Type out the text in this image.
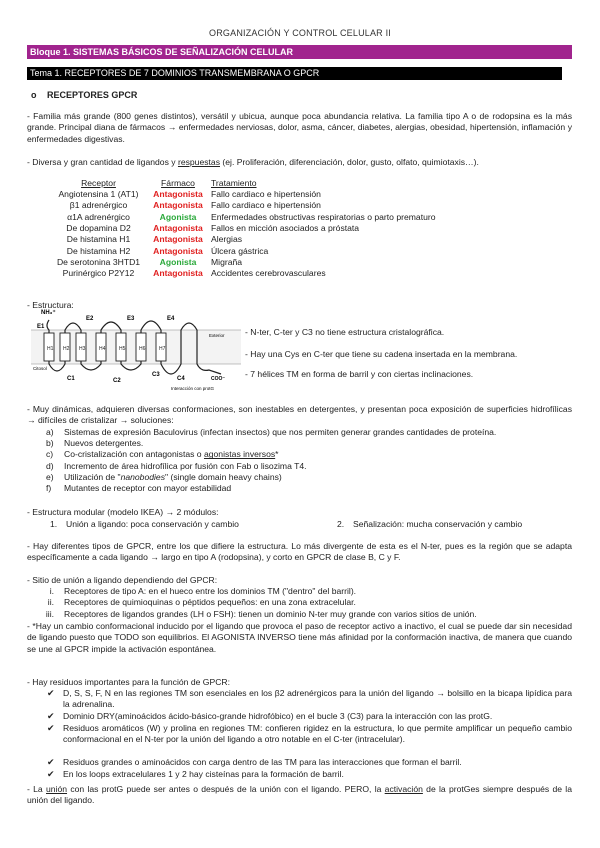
ORGANIZACIÓN Y CONTROL CELULAR II
Bloque 1. SISTEMAS BÁSICOS DE SEÑALIZACIÓN CELULAR
Tema 1. RECEPTORES DE 7 DOMINIOS TRANSMEMBRANA O GPCR
o RECEPTORES GPCR
- Familia más grande (800 genes distintos), versátil y ubicua, aunque poca abundancia relativa. La familia tipo A o de rodopsina es la más grande. Principal diana de fármacos → enfermedades nerviosas, dolor, asma, cáncer, diabetes, alergias, obesidad, hipertensión, inflamación y enfermedades digestivas.
- Diversa y gran cantidad de ligandos y respuestas (ej. Proliferación, diferenciación, dolor, gusto, olfato, quimiotaxis…).
Receptor	Fármaco	Tratamiento
Angiotensina 1 (AT1)	Antagonista Fallo cardiaco e hipertensión
β1 adrenérgico	Antagonista Fallo cardiaco e hipertensión
α1A adrenérgico	Agonista	Enfermedades obstructivas respiratorias o parto prematuro
De dopamina D2	Antagonista Fallos en micción asociados a próstata
De histamina H1	Antagonista Alergias
De histamina H2	Antagonista Úlcera gástrica
De serotonina 3HTD1	Agonista	Migraña
Purinérgico P2Y12	Antagonista Accidentes cerebrovasculares
- Estructura:
H1 H2 H3	H4	H5	H6	H7
NH₃⁺
E1
E2	E3	E4
C1	C2
C3
C4
Exterior
Citosol
COO⁻
Interacción con protG
- N-ter, C-ter y C3 no tiene estructura cristalográfica.
- Hay una Cys en C-ter que tiene su cadena insertada en la membrana.
- 7 hélices TM en forma de barril y con ciertas inclinaciones.
- Muy dinámicas, adquieren diversas conformaciones, son inestables en detergentes, y presentan poca exposición de superficies hidrofílicas → difíciles de cristalizar → soluciones:
a) Sistemas de expresión Baculovirus (infectan insectos) que nos permiten generar grandes cantidades de proteína.
b) Nuevos detergentes.
c) Co-cristalización con antagonistas o agonistas inversos*
d) Incremento de área hidrofílica por fusión con Fab o lisozima T4.
e) Utilización de "nanobodies" (single domain heavy chains)
f) Mutantes de receptor con mayor estabilidad
- Estructura modular (modelo IKEA) → 2 módulos:
1. Unión a ligando: poca conservación y cambio	2. Señalización: mucha conservación y cambio
- Hay diferentes tipos de GPCR, entre los que difiere la estructura. Lo más divergente de esta es el N-ter, pues es la región que se adapta específicamente a cada ligando → largo en tipo A (rodopsina), y corto en GPCR de clase B, C y F.
- Sitio de unión a ligando dependiendo del GPCR:
i. Receptores de tipo A: en el hueco entre los dominios TM ("dentro" del barril).
ii. Receptores de quimioquinas o péptidos pequeños: en una zona extracelular.
iii. Receptores de ligandos grandes (LH o FSH): tienen un dominio N-ter muy grande con varios sitios de unión.
- *Hay un cambio conformacional inducido por el ligando que provoca el paso de receptor activo a inactivo, el cual se puede dar sin necesidad de ligando puesto que TODO son equilibrios. El AGONISTA INVERSO tiene más afinidad por la conformación inactiva, de manera que cuando se une al GPCR impide la activación espontánea.
- Hay residuos importantes para la función de GPCR:
✔ D, S, S, F, N en las regiones TM son esenciales en los β2 adrenérgicos para la unión del ligando → bolsillo en la bicapa lipídica para la adrenalina.
✔ Dominio DRY(aminoácidos ácido-básico-grande hidrofóbico) en el bucle 3 (C3) para la interacción con las protG.
✔ Residuos aromáticos (W) y prolina en regiones TM: confieren rigidez en la estructura, lo que permite amplificar un pequeño cambio conformacional en el N-ter por la unión del ligando a otro notable en el C-ter (intracelular).
✔ Residuos grandes o aminoácidos con carga dentro de las TM para las interacciones que forman el barril.
✔ En los loops extracelulares 1 y 2 hay cisteínas para la formación de barril.
- La unión con las protG puede ser antes o después de la unión con el ligando. PERO, la activación de la protGes siempre después de la unión del ligando.
